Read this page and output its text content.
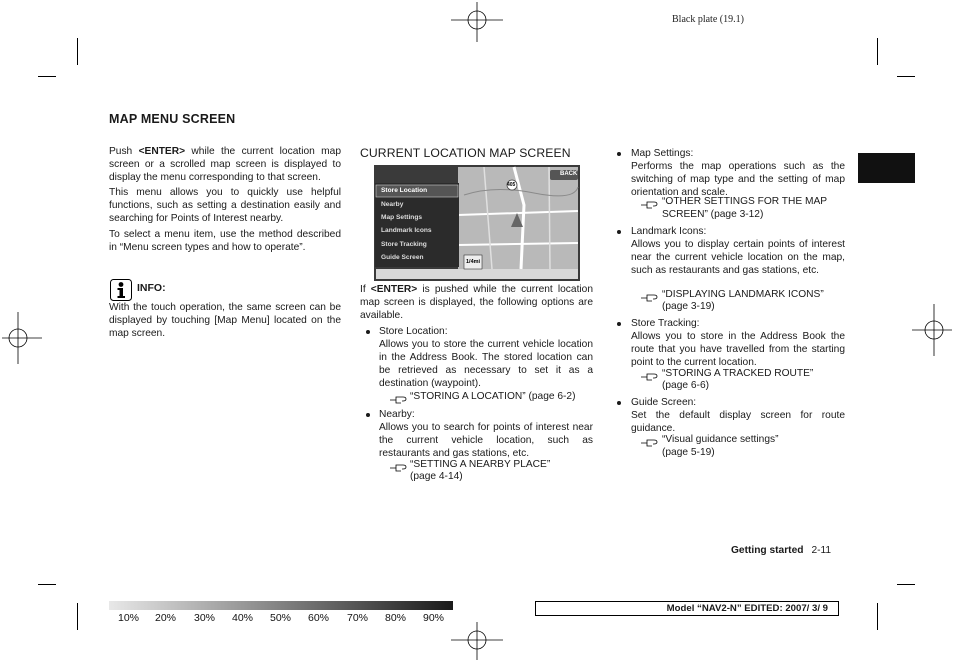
Black plate (19.1)
MAP MENU SCREEN
Push <ENTER> while the current location map screen or a scrolled map screen is displayed to display the menu corresponding to that screen.
This menu allows you to quickly use helpful functions, such as setting a destination easily and searching for Points of Interest nearby.
To select a menu item, use the method described in “Menu screen types and how to operate”.
INFO:
With the touch operation, the same screen can be displayed by touching [Map Menu] located on the map screen.
CURRENT LOCATION MAP SCREEN
Store Location
Nearby
Map Settings
Landmark Icons
Store Tracking
Guide Screen
BACK
1/4mi
405
If <ENTER> is pushed while the current location map screen is displayed, the following options are available.
Store Location:
Allows you to store the current vehicle location in the Address Book. The stored location can be retrieved as necessary to set it as a destination (waypoint).
“STORING A LOCATION” (page 6-2)
Nearby:
Allows you to search for points of interest near the current vehicle location, such as restaurants and gas stations, etc.
“SETTING A NEARBY PLACE”
(page 4-14)
Map Settings:
Performs the map operations such as the switching of map type and the setting of map orientation and scale.
“OTHER SETTINGS FOR THE MAP
SCREEN” (page 3-12)
Landmark Icons:
Allows you to display certain points of interest near the current vehicle location on the map, such as restaurants and gas stations, etc.
“DISPLAYING LANDMARK ICONS”
(page 3-19)
Store Tracking:
Allows you to store in the Address Book the route that you have travelled from the starting point to the current location.
“STORING A TRACKED ROUTE”
(page 6-6)
Guide Screen:
Set the default display screen for route guidance.
“Visual guidance settings”
(page 5-19)
Getting started 2-11
10% 20% 30% 40% 50% 60% 70% 80% 90%
Model “NAV2-N” EDITED: 2007/ 3/ 9
